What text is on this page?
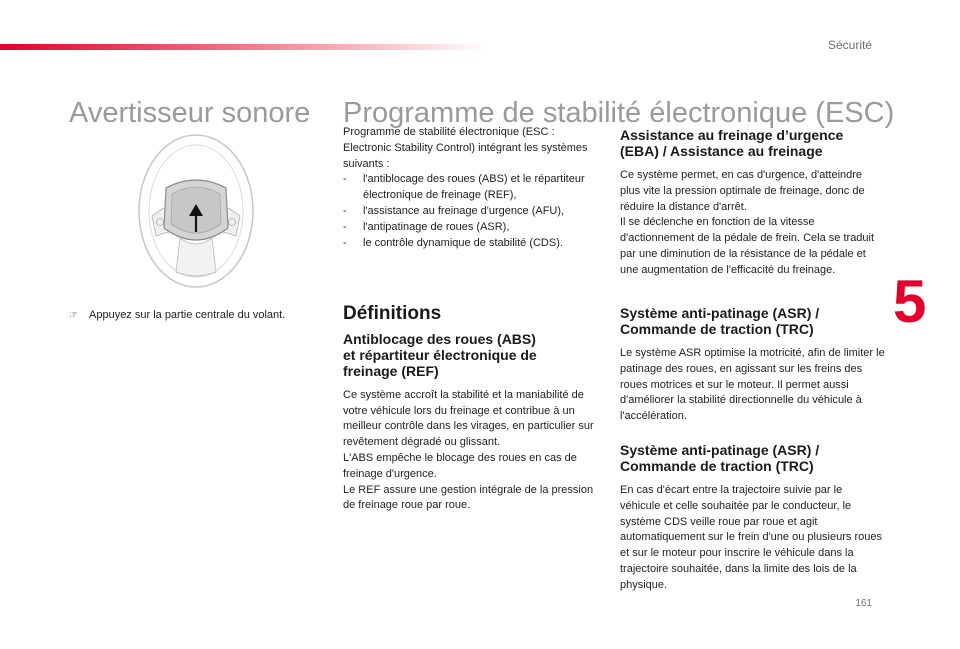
Sécurité
5
161
Avertisseur sonore Programme de stabilité électronique (ESC)
☞ Appuyez sur la partie centrale du volant.

Programme de stabilité électronique (ESC : Electronic Stability Control) intégrant les systèmes suivants :

- l'antiblocage des roues (ABS) et le répartiteur électronique de freinage (REF),
- l'assistance au freinage d'urgence (AFU),
- l'antipatinage de roues (ASR),
- le contrôle dynamique de stabilité (CDS).
Définitions
Antiblocage des roues (ABS)
et répartiteur électronique de
freinage (REF)

Ce système accroît la stabilité et la maniabilité de votre véhicule lors du freinage et contribue à un meilleur contrôle dans les virages, en particulier sur revêtement dégradé ou glissant.

L'ABS empêche le blocage des roues en cas de freinage d'urgence.

Le REF assure une gestion intégrale de la pression de freinage roue par roue.

Assistance au freinage d’urgence
(EBA) / Assistance au freinage

Ce système permet, en cas d'urgence, d'atteindre plus vite la pression optimale de freinage, donc de réduire la distance d'arrêt.

Il se déclenche en fonction de la vitesse d'actionnement de la pédale de frein. Cela se traduit par une diminution de la résistance de la pédale et une augmentation de l'efficacité du freinage.

Système anti-patinage (ASR) /
Commande de traction (TRC)

Le système ASR optimise la motricité, afin de limiter le patinage des roues, en agissant sur les freins des roues motrices et sur le moteur. Il permet aussi d'améliorer la stabilité directionnelle du véhicule à l'accélération.

Système anti-patinage (ASR) /
Commande de traction (TRC)

En cas d'écart entre la trajectoire suivie par le véhicule et celle souhaitée par le conducteur, le système CDS veille roue par roue et agit automatiquement sur le frein d'une ou plusieurs roues et sur le moteur pour inscrire le véhicule dans la trajectoire souhaitée, dans la limite des lois de la physique.
